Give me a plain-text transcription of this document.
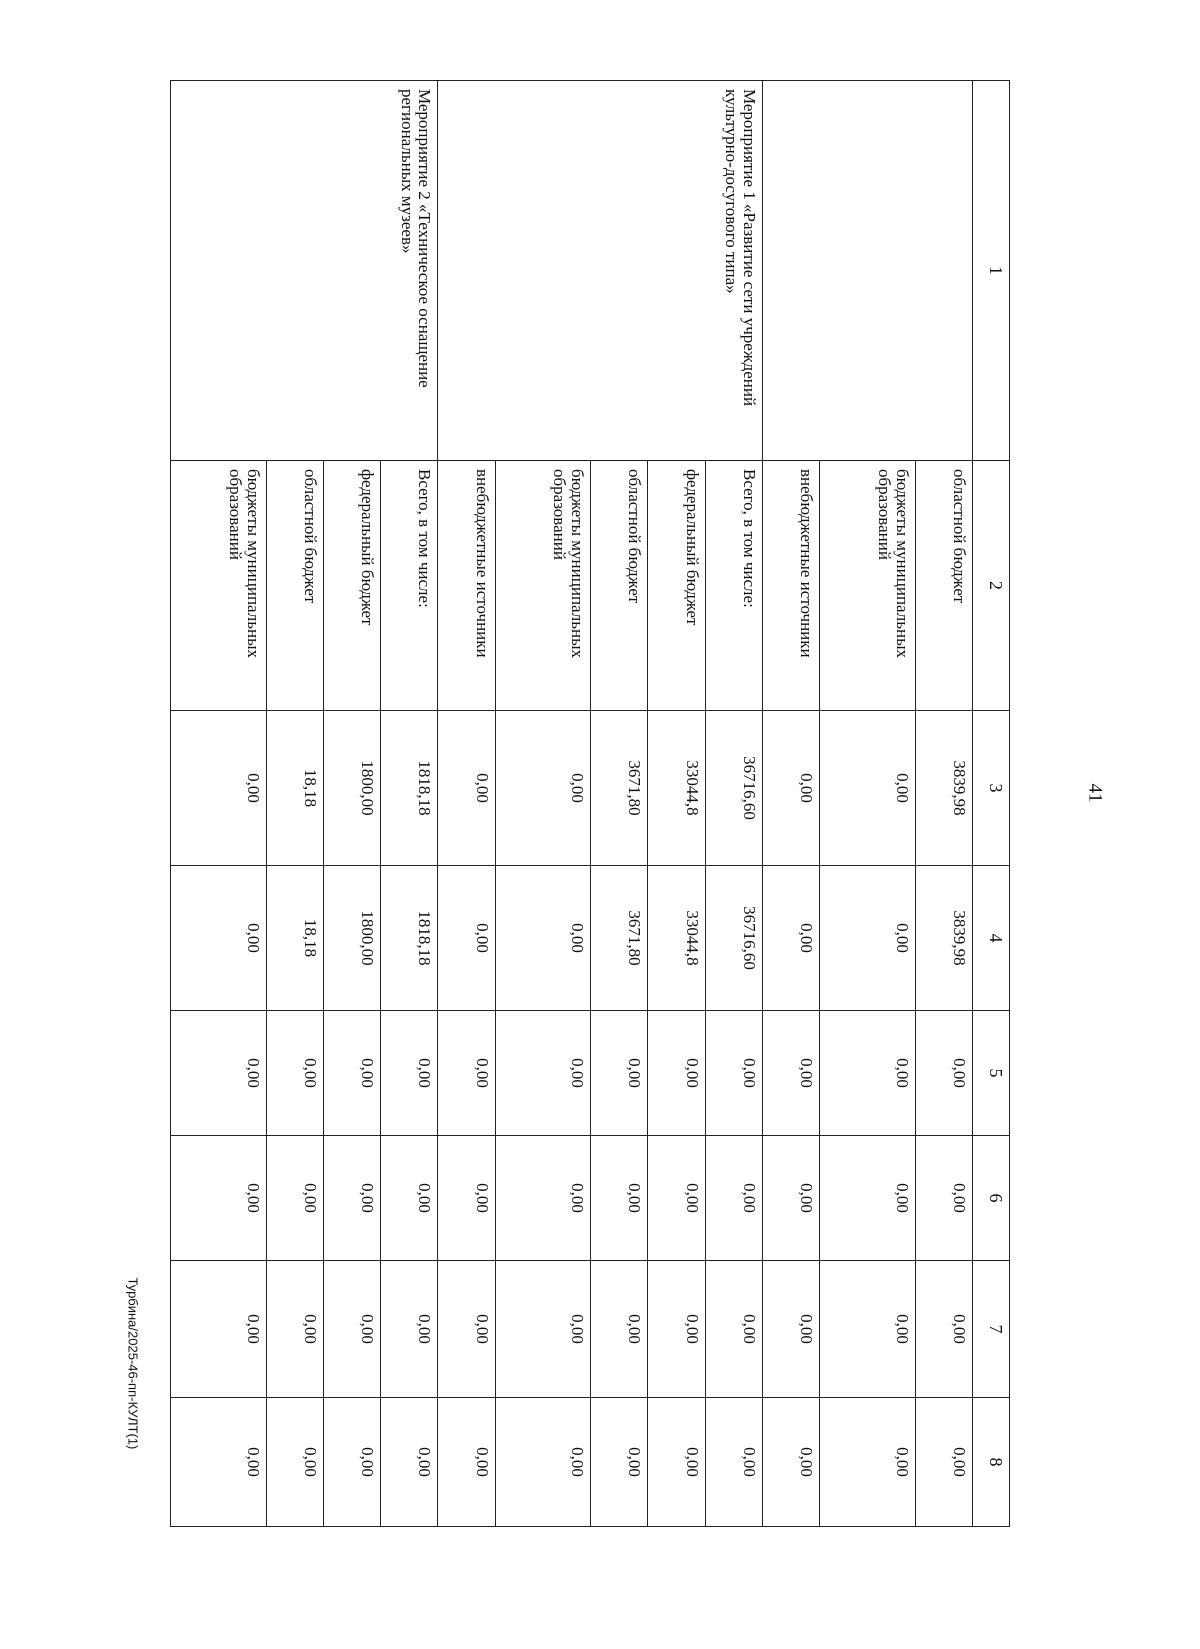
41
Турбина/2025-46-пп-КУЛТ(1)
1	2	3	4	5	6	7	8
	областной бюджет	3839,98	3839,98	0,00	0,00	0,00	0,00
	бюджеты муниципальных образований	0,00	0,00	0,00	0,00	0,00	0,00
	внебюджетные источники	0,00	0,00	0,00	0,00	0,00	0,00
Мероприятие 1 «Развитие сети учреждений культурно-досугового типа»	Всего, в том числе:	36716,60	36716,60	0,00	0,00	0,00	0,00
	федеральный бюджет	33044,8	33044,8	0,00	0,00	0,00	0,00
	областной бюджет	3671,80	3671,80	0,00	0,00	0,00	0,00
	бюджеты муниципальных образований	0,00	0,00	0,00	0,00	0,00	0,00
	внебюджетные источники	0,00	0,00	0,00	0,00	0,00	0,00
Мероприятие 2 «Техническое оснащение региональных музеев»	Всего, в том числе:	1818,18	1818,18	0,00	0,00	0,00	0,00
	федеральный бюджет	1800,00	1800,00	0,00	0,00	0,00	0,00
	областной бюджет	18,18	18,18	0,00	0,00	0,00	0,00
	бюджеты муниципальных образований	0,00	0,00	0,00	0,00	0,00	0,00
